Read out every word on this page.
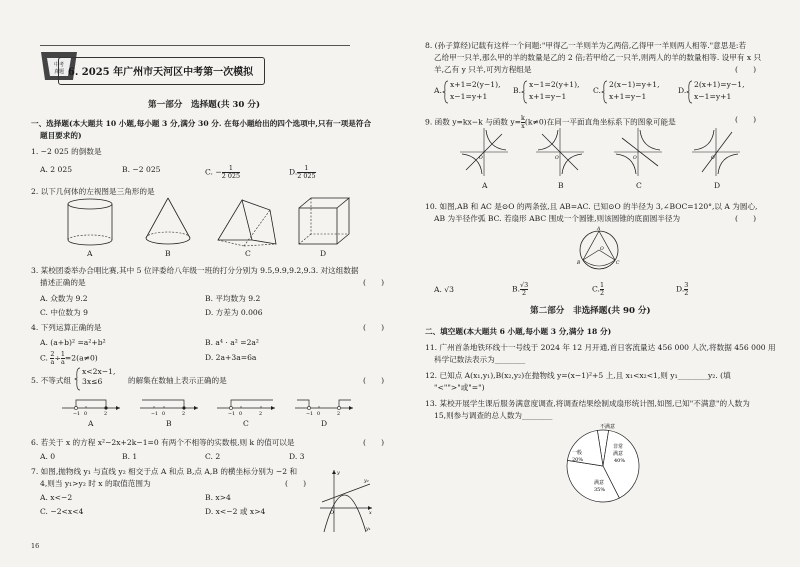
中考
真题 6. 2025 年广州市天河区中考第一次模拟
第一部分　选择题(共 30 分)
一、选择题(本大题共 10 小题,每小题 3 分,满分 30 分. 在每小题给出的四个选项中,只有一项是符合
题目要求的)
1. −2 025 的倒数是
A. 2 025	B. −2 025	C. − $\frac{1}{2 025}$	D. $\frac{1}{2 025}$
2. 以下几何体的左视图是三角形的是
A	B	C	D
3. 某校团委举办合唱比赛,其中 5 位评委给八年级一班的打分分别为 9.5,9.9,9.2,9.3. 对这组数据
描述正确的是	(　　)
A. 众数为 9.2	B. 平均数为 9.2
C. 中位数为 9	D. 方差为 0.006
4. 下列运算正确的是	(　　)
A. (a+b)² =a²+b²	B. a⁴ · a² =2a²
C. $\frac{2}{a} \div \frac{1}{a} =2(a\ne 0)$	D. 2a+3a=6a
5. 不等式组
x<2x−1,
3x≤6	的解集在数轴上表示正确的是	(　　)
−1 0	2	−1 0	2	−1 0	2	−1 0	2
A	B	C	D
6. 若关于 x 的方程 x²−2x+2k−1=0 有两个不相等的实数根,则 k 的值可以是	(　　)
A. 0	B. 1	C. 2	D. 3
7. 如图,抛物线 y₁ 与直线 y₂ 相交于点 A 和点 B,点 A,B 的横坐标分别为 −2 和
4,则当 y₁>y₂ 时 x 的取值范围为	(　　)
A. x<−2	B. x>4
C. −2<x<4	D. x<−2 或 x>4
y₂
y₁
O	x
y
16
8. (孙子算经)记载有这样一个问题:"甲得乙一羊则羊为乙两倍,乙得甲一羊则两人相等."意思是:若
乙给甲一只羊,那么甲的羊的数量是乙的 2 倍;若甲给乙一只羊,则两人的羊的数量相等. 设甲有 x 只
羊,乙有 y 只羊,可列方程组是	(　　)
A.
x+1=2(y−1),
x−1=y+1
B.
x−1=2(y+1),
x+1=y−1
C.
2(x−1)=y+1,
x+1=y−1
D.
2(x+1)=y−1,
x−1=y+1
9. 函数 y=kx−k 与函数 $y= \frac{k}{x} (k\ne 0)$在同一平面直角坐标系下的图象可能是	(　　)
O	O	O	O
A	B	C	D
10. 如图,AB 和 AC 是⊙O 的两条弦,且 AB=AC. 已知⊙O 的半径为 3,∠BOC=120°,以 A 为圆心,
AB 为半径作弧 BC. 若扇形 ABC 围成一个圆锥,则该圆锥的底面圆半径为	(　　)
A
O
B	C
A. √3	B. $\frac{√3}{2}$	C. $\frac{1}{2}$	D. $\frac{3}{2}$
第二部分　非选择题(共 90 分)
二、填空题(本大题共 6 小题,每小题 3 分,满分 18 分)
11. 广州首条地铁环线十一号线于 2024 年 12 月开通,首日客流量达 456 000 人次,将数据 456 000 用
科学记数法表示为________
12. 已知点 A(x₁,y₁),B(x₂,y₂)在抛物线 y=(x−1)²+5 上,且 x₁<x₂<1,则 y₁________y₂. (填
"<"">"或"=")
13. 某校开展学生课后服务满意度调查,将调查结果绘制成扇形统计图,如图,已知"不满意"的人数为
15,则参与调查的总人数为________
不满意
非常
满意
40%
满意
35%
一般
20%
